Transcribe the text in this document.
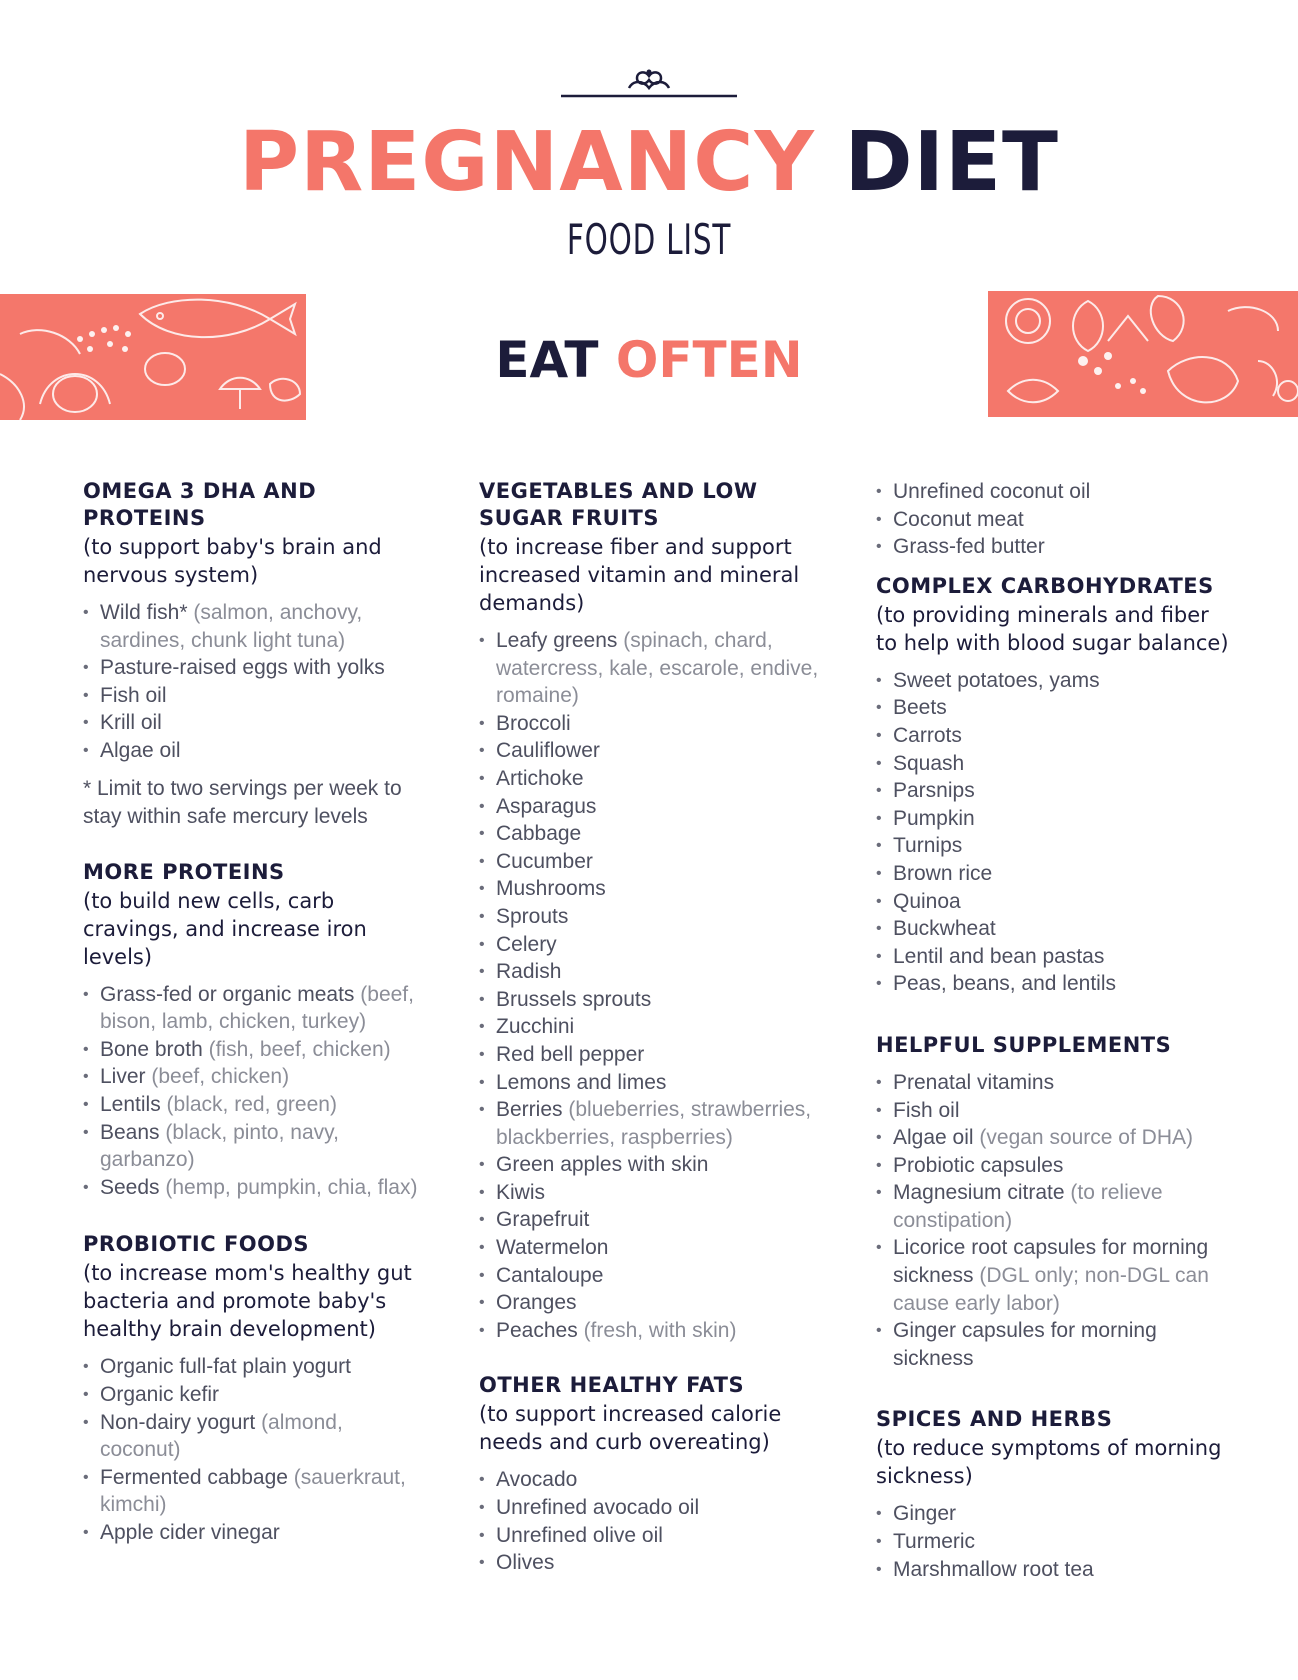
PREGNANCY DIET
FOOD LIST
EAT OFTEN
OMEGA 3 DHA AND PROTEINS
(to support baby's brain and nervous system)
• Wild fish* (salmon, anchovy, sardines, chunk light tuna)
• Pasture-raised eggs with yolks
• Fish oil
• Krill oil
• Algae oil
* Limit to two servings per week to stay within safe mercury levels
MORE PROTEINS
(to build new cells, carb cravings, and increase iron levels)
• Grass-fed or organic meats (beef, bison, lamb, chicken, turkey)
• Bone broth (fish, beef, chicken)
• Liver (beef, chicken)
• Lentils (black, red, green)
• Beans (black, pinto, navy, garbanzo)
• Seeds (hemp, pumpkin, chia, flax)
PROBIOTIC FOODS
(to increase mom's healthy gut bacteria and promote baby's healthy brain development)
• Organic full-fat plain yogurt
• Organic kefir
• Non-dairy yogurt (almond, coconut)
• Fermented cabbage (sauerkraut, kimchi)
• Apple cider vinegar
VEGETABLES AND LOW SUGAR FRUITS
(to increase fiber and support increased vitamin and mineral demands)
• Leafy greens (spinach, chard, watercress, kale, escarole, endive, romaine)
• Broccoli
• Cauliflower
• Artichoke
• Asparagus
• Cabbage
• Cucumber
• Mushrooms
• Sprouts
• Celery
• Radish
• Brussels sprouts
• Zucchini
• Red bell pepper
• Lemons and limes
• Berries (blueberries, strawberries, blackberries, raspberries)
• Green apples with skin
• Kiwis
• Grapefruit
• Watermelon
• Cantaloupe
• Oranges
• Peaches (fresh, with skin)
OTHER HEALTHY FATS
(to support increased calorie needs and curb overeating)
• Avocado
• Unrefined avocado oil
• Unrefined olive oil
• Olives
• Unrefined coconut oil
• Coconut meat
• Grass-fed butter
COMPLEX CARBOHYDRATES
(to providing minerals and fiber to help with blood sugar balance)
• Sweet potatoes, yams
• Beets
• Carrots
• Squash
• Parsnips
• Pumpkin
• Turnips
• Brown rice
• Quinoa
• Buckwheat
• Lentil and bean pastas
• Peas, beans, and lentils
HELPFUL SUPPLEMENTS
• Prenatal vitamins
• Fish oil
• Algae oil (vegan source of DHA)
• Probiotic capsules
• Magnesium citrate (to relieve constipation)
• Licorice root capsules for morning sickness (DGL only; non-DGL can cause early labor)
• Ginger capsules for morning sickness
SPICES AND HERBS
(to reduce symptoms of morning sickness)
• Ginger
• Turmeric
• Marshmallow root tea
